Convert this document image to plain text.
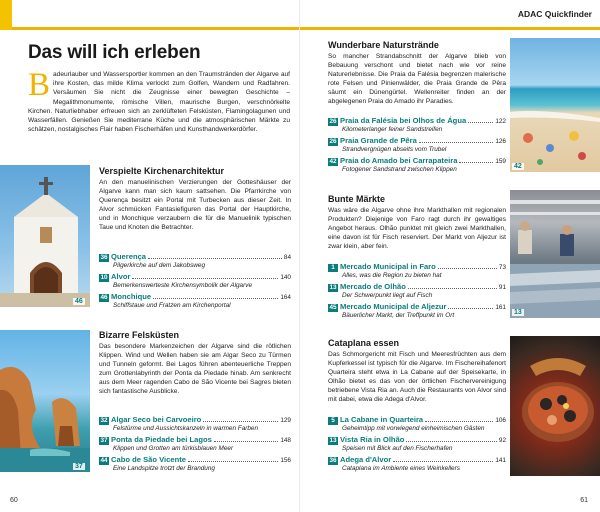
Das will ich erleben
Badeurlauber und Wassersportler kommen an den Traumstränden der Algarve auf ihre Kosten, das milde Klima verlockt zum Golfen, Wandern und Radfahren. Versäumen Sie nicht die Zeugnisse einer bewegten Geschichte – Megalithmonumente, römische Villen, maurische Burgen, verschnörkelte Kirchen. Naturliebhaber erfreuen sich an zerklüfteten Felsküsten, Flamingolagunen und Wasserfällen. Genießen Sie mediterrane Küche und die atmosphärischen Märkte zu schätzen, nostalgisches Flair haben Fischerhäfen und Kunsthandwerkerdörfer.
46
Verspielte Kirchenarchitektur
An den manuelinischen Verzierungen der Gotteshäuser der Algarve kann man sich kaum sattsehen. Die Pfarrkirche von Querença besitzt ein Portal mit Turbecken aus dieser Zeit. In Alvor schmücken Fantasiefiguren das Portal der Hauptkirche, und in Monchique verzaubern die für die Manuelinik typischen Taue und Knoten die Betrachter.
36 Querença	84
Pilgerkirche auf dem Jakobsweg
10 Alvor	140
Bemerkenswerteste Kirchensymbolik der Algarve
46 Monchique	164
Schiffstaue und Fratzen am Kirchenportal
37
Bizarre Felsküsten
Das besondere Markenzeichen der Algarve sind die rötlichen Klippen. Wind und Wellen haben sie am Algar Seco zu Türmen und Tunneln geformt. Bei Lagos führen abenteuerliche Treppen zum Grottenlabyrinth der Ponta da Piedade hinab. Am senkrecht aus dem Meer ragenden Cabo de São Vicente bei Sagres bieten sich fantastische Ausblicke.
32 Algar Seco bei Carvoeiro	129
Felstürme und Aussichtskanzeln in warmen Farben
37 Ponta da Piedade bei Lagos	148
Klippen und Grotten am türkisblauen Meer
44 Cabo de São Vicente	156
Eine Landspitze trotzt der Brandung
60
ADAC Quickfinder
Wunderbare Naturstrände
So mancher Strandabschnitt der Algarve blieb von Bebauung verschont und bietet nach wie vor reine Naturerlebnisse. Die Praia da Falésia begrenzen malerische rote Felsen und Pinienwälder, die Praia Grande de Pêra säumt ein Dünengürtel. Wellenreiter finden an der abgelegenen Praia do Amado ihr Paradies.
26 Praia da Falésia bei Olhos de Água	122
Kilometerlanger feiner Sandstreifen
26 Praia Grande de Pêra	126
Strandvergnügen abseits vom Trubel
42 Praia do Amado bei Carrapateira	159
Fotogener Sandstrand zwischen Klippen	42
Bunte Märkte
Was wäre die Algarve ohne ihre Markthallen mit regionalen Produkten? Diejenige von Faro ragt durch ihr gewaltiges Angebot heraus. Olhão punktet mit gleich zwei Markthallen, eine davon ist für Fisch reserviert. Der Markt von Aljezur ist zwar klein, aber fein.
1 Mercado Municipal in Faro	73
Alles, was die Region zu bieten hat
13 Mercado de Olhão	91
Der Schwerpunkt liegt auf Fisch
45 Mercado Municipal de Aljezur	161
Bäuerlicher Markt, der Treffpunkt im Ort	13
Cataplana essen
Das Schmorgericht mit Fisch und Meeresfrüchten aus dem Kupferkessel ist typisch für die Algarve. Im Fischereihafenort Quarteira steht etwa in La Cabane auf der Speisekarte, in Olhão bietet es das von der örtlichen Fischervereinigung betriebene Vista Ria an. Auch die Restaurants von Alvor sind mit dabei, etwa die Adega d'Alvor.
5 La Cabane in Quarteira	106
Geheimtipp mit vorwiegend einheimischen Gästen
13 Vista Ria in Olhão	92
Speisen mit Blick auf den Fischerhafen
36 Adega d'Alvor	141
Cataplana im Ambiente eines Weinkellers
61
